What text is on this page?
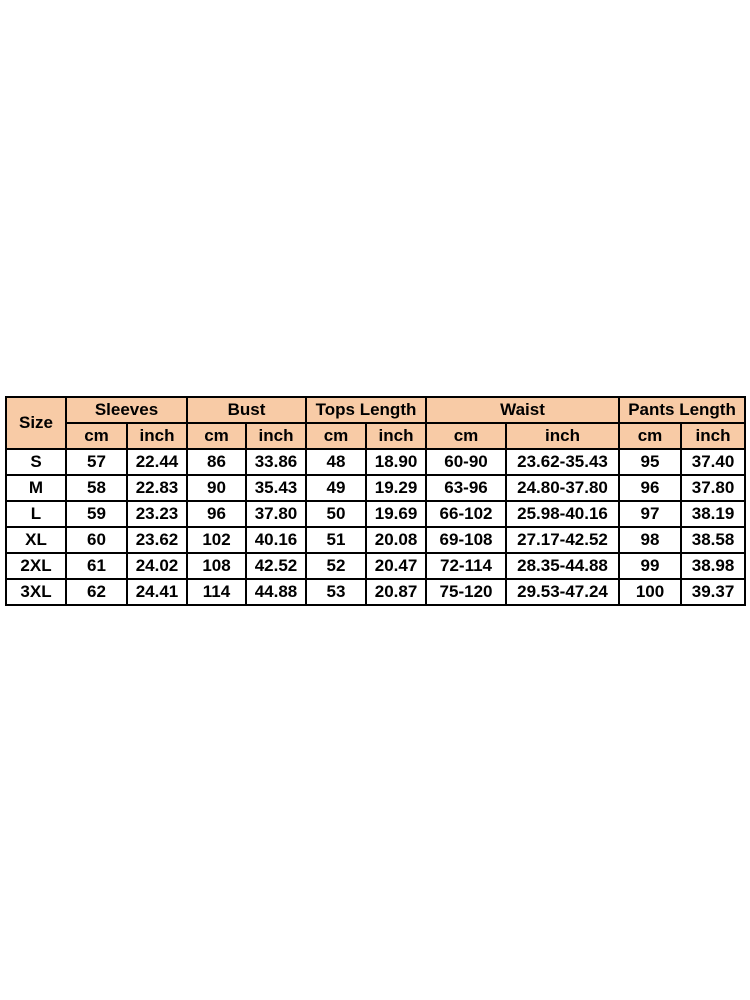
Size	Sleeves		Bust		Tops Length		Waist		Pants Length	
	cm	inch	cm	inch	cm	inch	cm	inch	cm	inch
S	57	22.44	86	33.86	48	18.90	60-90	23.62-35.43	95	37.40
M	58	22.83	90	35.43	49	19.29	63-96	24.80-37.80	96	37.80
L	59	23.23	96	37.80	50	19.69	66-102	25.98-40.16	97	38.19
XL	60	23.62	102	40.16	51	20.08	69-108	27.17-42.52	98	38.58
2XL	61	24.02	108	42.52	52	20.47	72-114	28.35-44.88	99	38.98
3XL	62	24.41	114	44.88	53	20.87	75-120	29.53-47.24	100	39.37
